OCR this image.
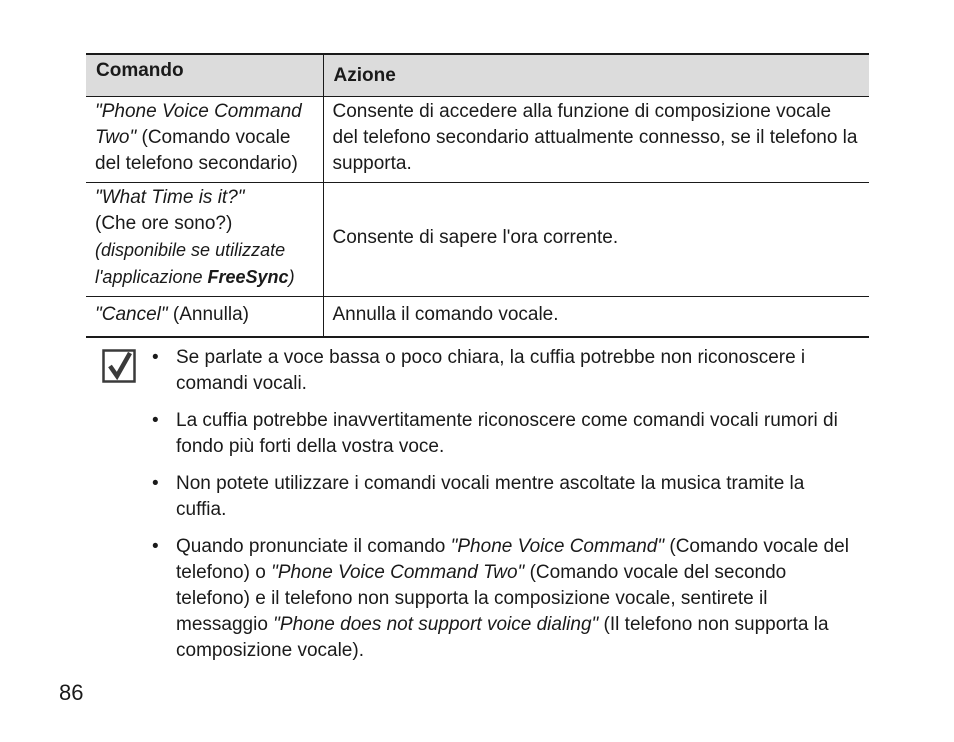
Comando	Azione
"Phone Voice Command
Two" (Comando vocale
del telefono secondario)	Consente di accedere alla funzione di composizione vocale del telefono secondario attualmente connesso, se il telefono la supporta.
"What Time is it?"
(Che ore sono?)
(disponibile se utilizzate
l'applicazione FreeSync)	Consente di sapere l'ora corrente.
"Cancel" (Annulla)	Annulla il comando vocale.
• Se parlate a voce bassa o poco chiara, la cuffia potrebbe non riconoscere i comandi vocali.
• La cuffia potrebbe inavvertitamente riconoscere come comandi vocali rumori di fondo più forti della vostra voce.
• Non potete utilizzare i comandi vocali mentre ascoltate la musica tramite la cuffia.
• Quando pronunciate il comando "Phone Voice Command" (Comando vocale del telefono) o "Phone Voice Command Two" (Comando vocale del secondo telefono) e il telefono non supporta la composizione vocale, sentirete il messaggio "Phone does not support voice dialing" (Il telefono non supporta la composizione vocale).
86
